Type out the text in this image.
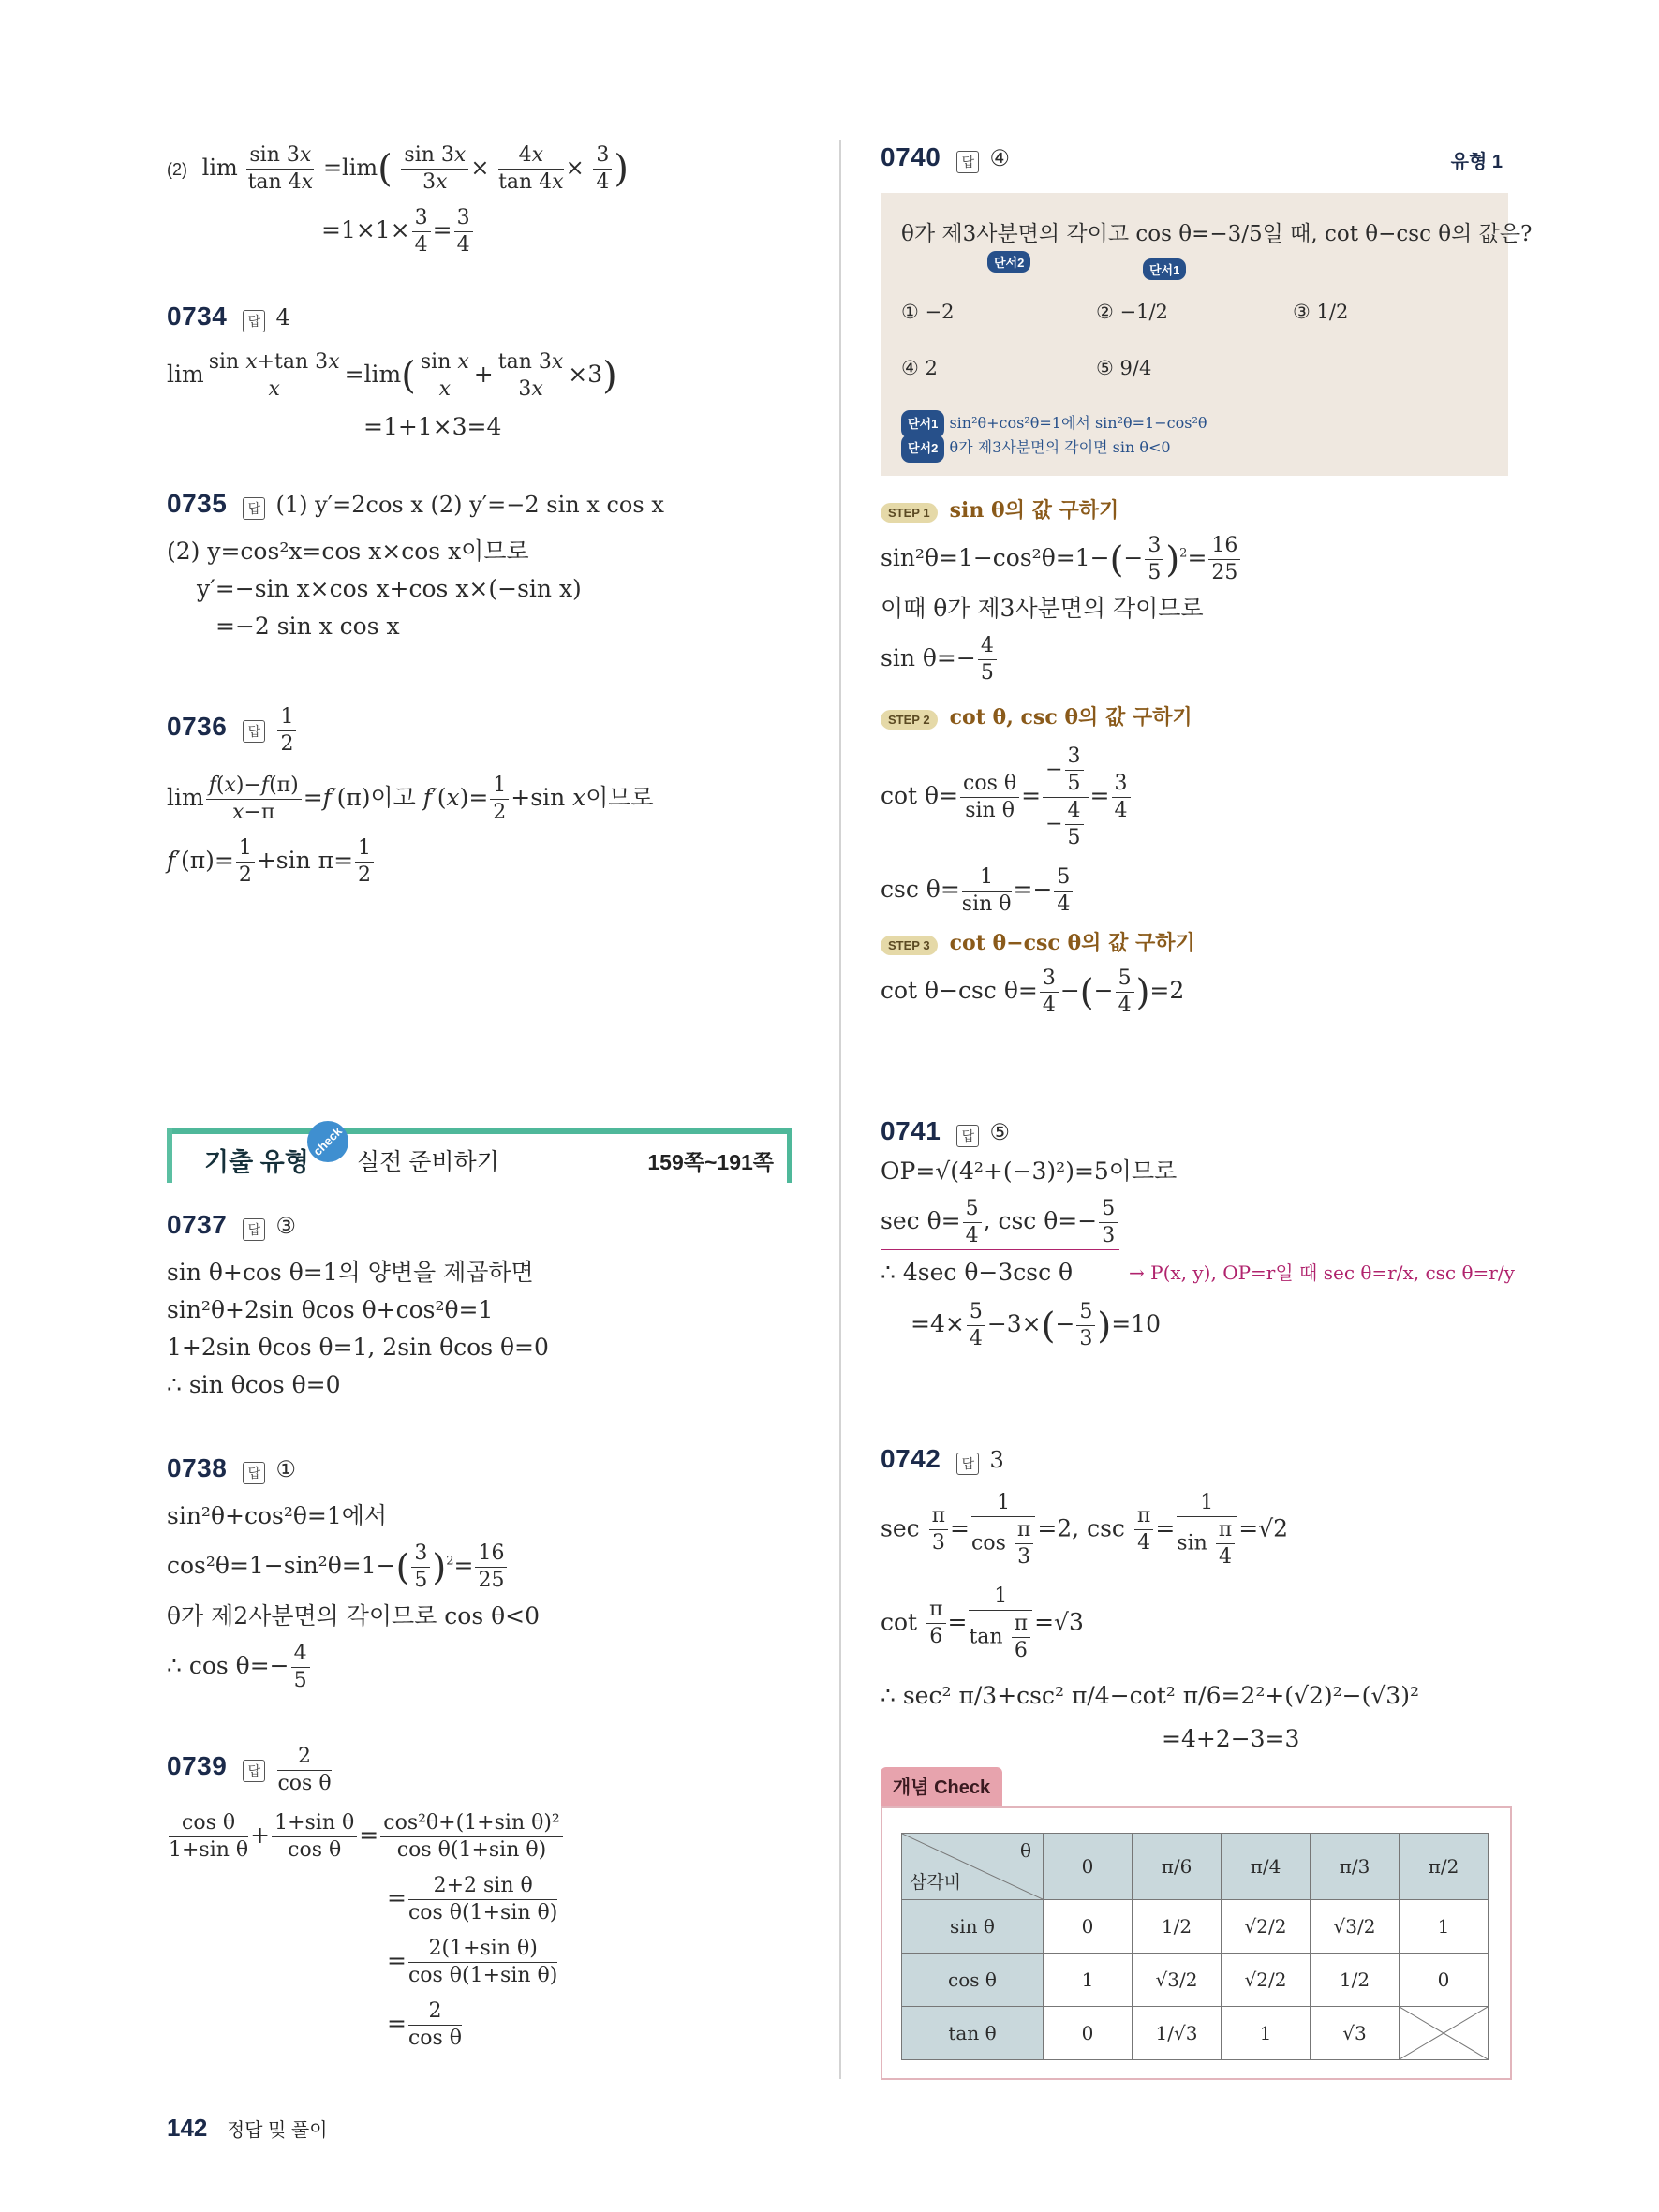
(2) $\lim \frac{\sin 3x}{\tan 4x} =\lim( \frac{\sin 3x}{3x} \times \frac{4x}{\tan 4x} \times \frac{3}{4}$ )
$=1\times 1\times \frac{3}{4} = \frac{3}{4}$
0734 답 4
$\lim \frac{\text{sin x+tan 3x}}{x} =\lim( \frac{\text{sin x}}{x} + \frac{\tan 3x}{3x} \times 3)$
=1+1×3=4
0735 답 (1) y′=2cos x (2) y′=−2 sin x cos x
(2) y=cos²x=cos x×cos x이므로
y′=−sin x×cos x+cos x×(−sin x)
=−2 sin x cos x
0736 답 $\frac{1}{2}$
$\lim \frac{f(x)-f(\pi)}{x-\pi} =f'(\pi)$이고 $f'(x)= \frac{1}{2} +\sin$ x이므로
$f'(\pi)= \frac{1}{2} +\sin$ $\pi= \frac{1}{2}$
기출 유형
check
실전 준비하기	159쪽~191쪽
0737 답 ③
sin θ+cos θ=1의 양변을 제곱하면
sin²θ+2sin θcos θ+cos²θ=1
1+2sin θcos θ=1, 2sin θcos θ=0
∴ sin θcos θ=0
0738 답 ①
sin²θ+cos²θ=1에서
$\cos^2\theta=1-\sin^2\theta=1-( \frac{3}{5} )^2= \frac{16}{25}$
θ가 제2사분면의 각이므로 cos θ<0
∴ $\cos \theta=- \frac{4}{5}$
0739 답 $\frac{2}{\text{cos θ}}$
$\frac{\text{cos θ}}{\text{1+sin θ}} + \frac{\text{1+sin θ}}{\text{cos θ}} = \frac{\text{cos²θ+(1+sin θ)²}}{\text{cos θ(1+sin θ)}}$
= $\frac{\text{2+2 sin θ}}{\text{cos θ(1+sin θ)}}$
= $\frac{\text{2(1+sin θ)}}{\text{cos θ(1+sin θ)}}$
= $\frac{2}{\text{cos θ}}$
142 정답 및 풀이
0740 답 ④	유형 1
θ가 제3사분면의 각이고 cos θ=−3/5일 때, cot θ−csc θ의 값은?
단서2
단서1
① −2	② −1/2	③ 1/2
④ 2	⑤ 9/4
단서1 sin²θ+cos²θ=1에서 sin²θ=1−cos²θ
단서2 θ가 제3사분면의 각이면 sin θ<0
STEP 1 sin θ의 값 구하기
$\sin^2\theta=1-\cos^2\theta=1-(- \frac{3}{5} )^2= \frac{16}{25}$
이때 θ가 제3사분면의 각이므로
$\sin \theta=- \frac{4}{5}$
STEP 2 cot θ, csc θ의 값 구하기
$\cot \theta= \frac{\text{cos θ}}{\text{sin θ}} = \frac{- \frac{3}{5}}{- \frac{4}{5}} = \frac{3}{4}$
$\csc \theta= \frac{1}{\text{sin θ}} =- \frac{5}{4}$
STEP 3 cot θ−csc θ의 값 구하기
cot θ−csc $\theta= \frac{3}{4}$ −(− $\frac{5}{4} )=2$
0741 답 ⑤
OP=√(4²+(−3)²)=5이므로
$\sec \theta= \frac{5}{4}$ , $\csc \theta=- \frac{5}{3}$
∴ 4sec θ−3csc θ	→ P(x, y), OP=r일 때 sec θ=r/x, csc θ=r/y
$=4\times \frac{5}{4} -3\times(- \frac{5}{3} )=10$
0742 답 3
$\sec \frac{\pi}{3} = \frac{1}{\cos \frac{\pi}{3}} =2$, $\csc \frac{\pi}{4} = \frac{1}{\sin \frac{\pi}{4}} =√2$
$\cot \frac{\pi}{6} = \frac{1}{\tan \frac{\pi}{6}} =√3$
∴ sec² π/3+csc² π/4−cot² π/6=2²+(√2)²−(√3)²
=4+2−3=3
개념 Check
θ
삼각비	0	π/6	π/4	π/3	π/2
sin θ	0	1/2	√2/2	√3/2	1
cos θ	1	√3/2	√2/2	1/2	0
tan θ	0	1/√3	1	√3	
